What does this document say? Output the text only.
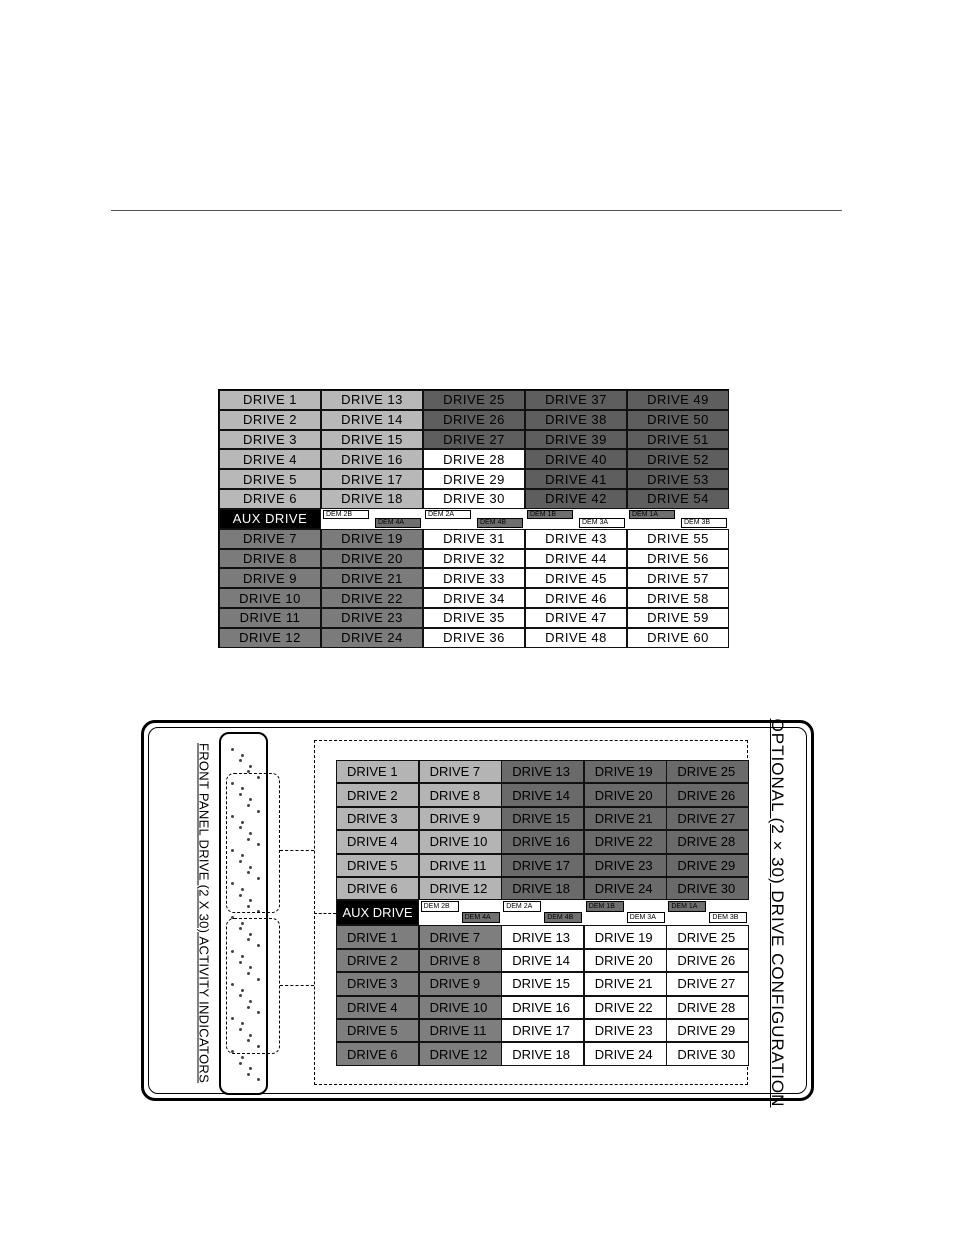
DRIVE 1
DRIVE 2
DRIVE 3
DRIVE 4
DRIVE 5
DRIVE 6
DRIVE 7
DRIVE 8
DRIVE 9
DRIVE 10
DRIVE 11
DRIVE 12
AUX DRIVE
DRIVE 13
DRIVE 14
DRIVE 15
DRIVE 16
DRIVE 17
DRIVE 18
DRIVE 19
DRIVE 20
DRIVE 21
DRIVE 22
DRIVE 23
DRIVE 24
DEM 2B
DEM 4A
DRIVE 25
DRIVE 26
DRIVE 27
DRIVE 28
DRIVE 29
DRIVE 30
DRIVE 31
DRIVE 32
DRIVE 33
DRIVE 34
DRIVE 35
DRIVE 36
DEM 2A
DEM 4B
DRIVE 37
DRIVE 38
DRIVE 39
DRIVE 40
DRIVE 41
DRIVE 42
DRIVE 43
DRIVE 44
DRIVE 45
DRIVE 46
DRIVE 47
DRIVE 48
DEM 1B
DEM 3A
DRIVE 49
DRIVE 50
DRIVE 51
DRIVE 52
DRIVE 53
DRIVE 54
DRIVE 55
DRIVE 56
DRIVE 57
DRIVE 58
DRIVE 59
DRIVE 60
DEM 1A
DEM 3B
DRIVE 1
DRIVE 2
DRIVE 3
DRIVE 4
DRIVE 5
DRIVE 6
DRIVE 1
DRIVE 2
DRIVE 3
DRIVE 4
DRIVE 5
DRIVE 6
AUX DRIVE
DRIVE 7
DRIVE 8
DRIVE 9
DRIVE 10
DRIVE 11
DRIVE 12
DRIVE 7
DRIVE 8
DRIVE 9
DRIVE 10
DRIVE 11
DRIVE 12
DEM 2B
DEM 4A
DRIVE 13
DRIVE 14
DRIVE 15
DRIVE 16
DRIVE 17
DRIVE 18
DRIVE 13
DRIVE 14
DRIVE 15
DRIVE 16
DRIVE 17
DRIVE 18
DEM 2A
DEM 4B
DRIVE 19
DRIVE 20
DRIVE 21
DRIVE 22
DRIVE 23
DRIVE 24
DRIVE 19
DRIVE 20
DRIVE 21
DRIVE 22
DRIVE 23
DRIVE 24
DEM 1B
DEM 3A
DRIVE 25
DRIVE 26
DRIVE 27
DRIVE 28
DRIVE 29
DRIVE 30
DRIVE 25
DRIVE 26
DRIVE 27
DRIVE 28
DRIVE 29
DRIVE 30
DEM 1A
DEM 3B
FRONT PANEL DRIVE (2 X 30) ACTIVITY INDICATORS	OPTIONAL (2 × 30) DRIVE CONFIGURATION
